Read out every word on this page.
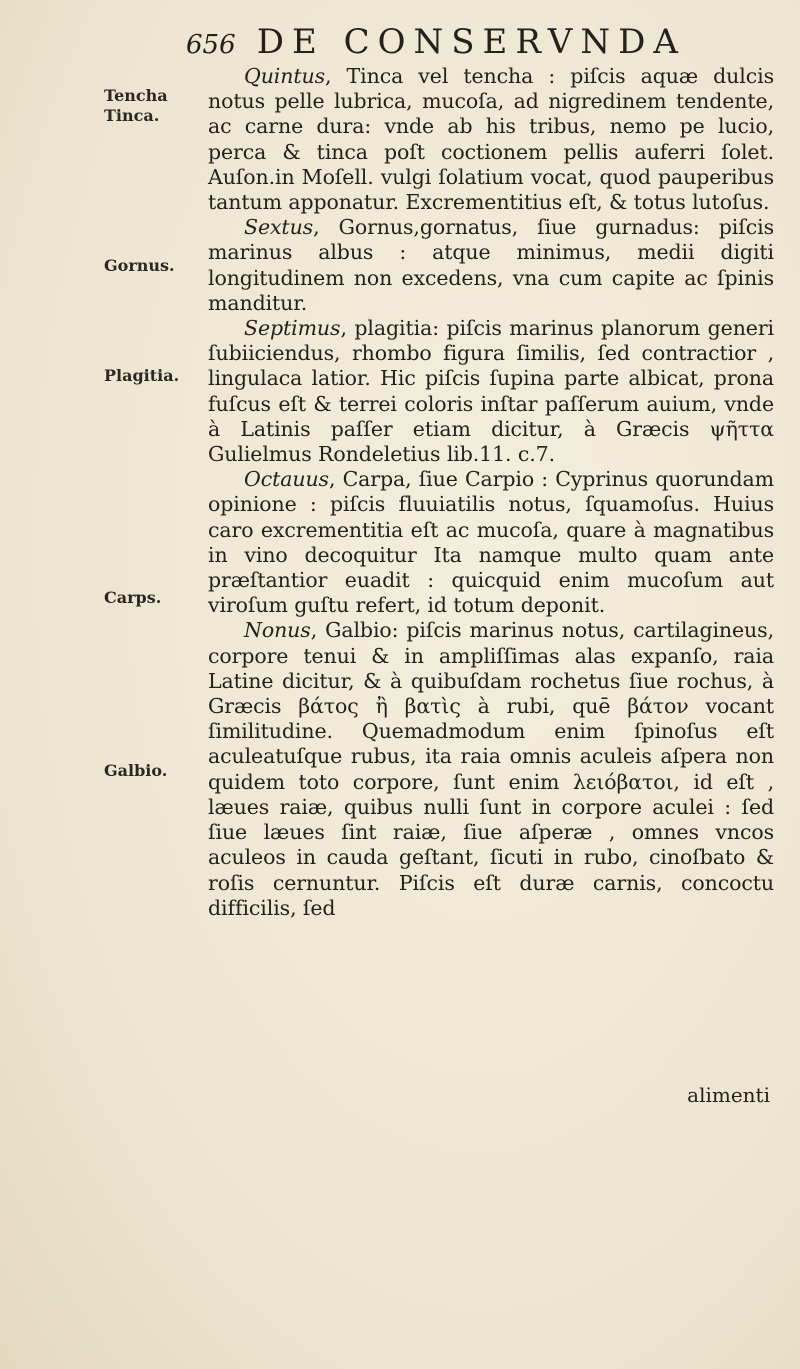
656 DE CONSERVNDA
Tencha
Tinca.
Gornus.
Plagitia.
Carps.
Galbio.

Quintus, Tinca vel tencha : piſcis aquæ dulcis notus pelle lubrica, mucoſa, ad nigredinem tendente, ac carne dura: vnde ab his tribus, nemo pe lucio, perca & tinca poſt coctionem pellis auferri ſolet. Auſon.in Moſell. vulgi ſolatium vocat, quod pauperibus tantum apponatur. Excrementitius eſt, & totus lutoſus.

Sextus, Gornus,gornatus, ſiue gurnadus: piſcis marinus albus : atque minimus, medii digiti longitudinem non excedens, vna cum capite ac ſpinis manditur.

Septimus, plagitia: piſcis marinus planorum generi ſubiiciendus, rhombo figura ſimilis, ſed contractior , lingulaca latior. Hic piſcis ſupina parte albicat, prona fuſcus eſt & terrei coloris inſtar paſſerum auium, vnde à Latinis paſſer etiam dicitur, à Græcis ψῆττα Gulielmus Rondeletius lib.11. c.7.

Octauus, Carpa, ſiue Carpio : Cyprinus quorundam opinione : piſcis fluuiatilis notus, ſquamoſus. Huius caro excrementitia eſt ac mucoſa, quare à magnatibus in vino decoquitur Ita namque multo quam ante præſtantior euadit : quicquid enim mucoſum aut viroſum guſtu refert, id totum deponit.

Nonus, Galbio: piſcis marinus notus, cartilagineus, corpore tenui & in ampliſſimas alas expanſo, raia Latine dicitur, & à quibuſdam rochetus ſiue rochus, à Græcis βάτος ἢ βατὶς à rubi, quē βάτον vocant ſimilitudine. Quemadmodum enim ſpinoſus eſt aculeatuſque rubus, ita raia omnis aculeis aſpera non quidem toto corpore, ſunt enim λειόβατοι, id eſt , læues raiæ, quibus nulli ſunt in corpore aculei : ſed ſiue læues ſint raiæ, ſiue aſperæ , omnes vncos aculeos in cauda geſtant, ſicuti in rubo, cinoſbato & roſis cernuntur. Piſcis eſt duræ carnis, concoctu difficilis, ſed

alimenti
